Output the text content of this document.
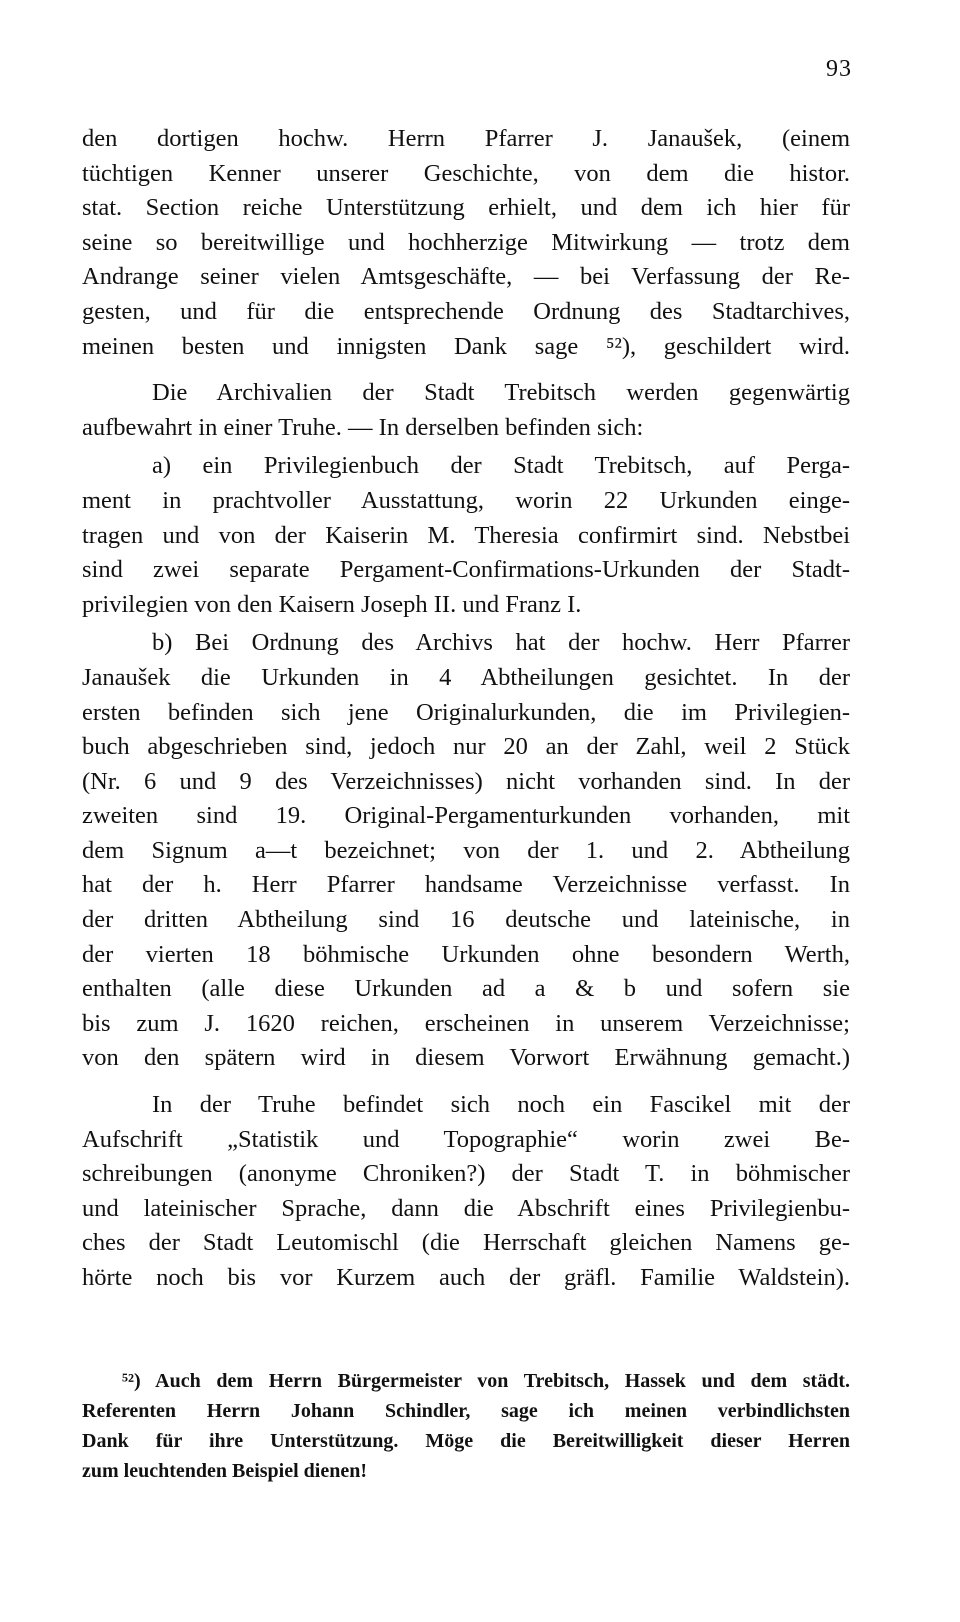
93
den dortigen hochw. Herrn Pfarrer J. Janaušek, (einem
tüchtigen Kenner unserer Geschichte, von dem die histor.
stat. Section reiche Unterstützung erhielt, und dem ich hier für
seine so bereitwillige und hochherzige Mitwirkung — trotz dem
Andrange seiner vielen Amtsgeschäfte, — bei Verfassung der Re-
gesten, und für die entsprechende Ordnung des Stadtarchives,
meinen besten und innigsten Dank sage ⁵²), geschildert wird.
Die Archivalien der Stadt Trebitsch werden gegenwärtig
aufbewahrt in einer Truhe. — In derselben befinden sich:
a) ein Privilegienbuch der Stadt Trebitsch, auf Perga-
ment in prachtvoller Ausstattung, worin 22 Urkunden einge-
tragen und von der Kaiserin M. Theresia confirmirt sind. Nebstbei
sind zwei separate Pergament-Confirmations-Urkunden der Stadt-
privilegien von den Kaisern Joseph II. und Franz I.
b) Bei Ordnung des Archivs hat der hochw. Herr Pfarrer
Janaušek die Urkunden in 4 Abtheilungen gesichtet. In der
ersten befinden sich jene Originalurkunden, die im Privilegien-
buch abgeschrieben sind, jedoch nur 20 an der Zahl, weil 2 Stück
(Nr. 6 und 9 des Verzeichnisses) nicht vorhanden sind. In der
zweiten sind 19. Original-Pergamenturkunden vorhanden, mit
dem Signum a—t bezeichnet; von der 1. und 2. Abtheilung
hat der h. Herr Pfarrer handsame Verzeichnisse verfasst. In
der dritten Abtheilung sind 16 deutsche und lateinische, in
der vierten 18 böhmische Urkunden ohne besondern Werth,
enthalten (alle diese Urkunden ad a & b und sofern sie
bis zum J. 1620 reichen, erscheinen in unserem Verzeichnisse;
von den spätern wird in diesem Vorwort Erwähnung gemacht.)
In der Truhe befindet sich noch ein Fascikel mit der
Aufschrift „Statistik und Topographie“ worin zwei Be-
schreibungen (anonyme Chroniken?) der Stadt T. in böhmischer
und lateinischer Sprache, dann die Abschrift eines Privilegienbu-
ches der Stadt Leutomischl (die Herrschaft gleichen Namens ge-
hörte noch bis vor Kurzem auch der gräfl. Familie Waldstein).
⁵²) Auch dem Herrn Bürgermeister von Trebitsch, Hassek und dem städt.
Referenten Herrn Johann Schindler, sage ich meinen verbindlichsten
Dank für ihre Unterstützung. Möge die Bereitwilligkeit dieser Herren
zum leuchtenden Beispiel dienen!
